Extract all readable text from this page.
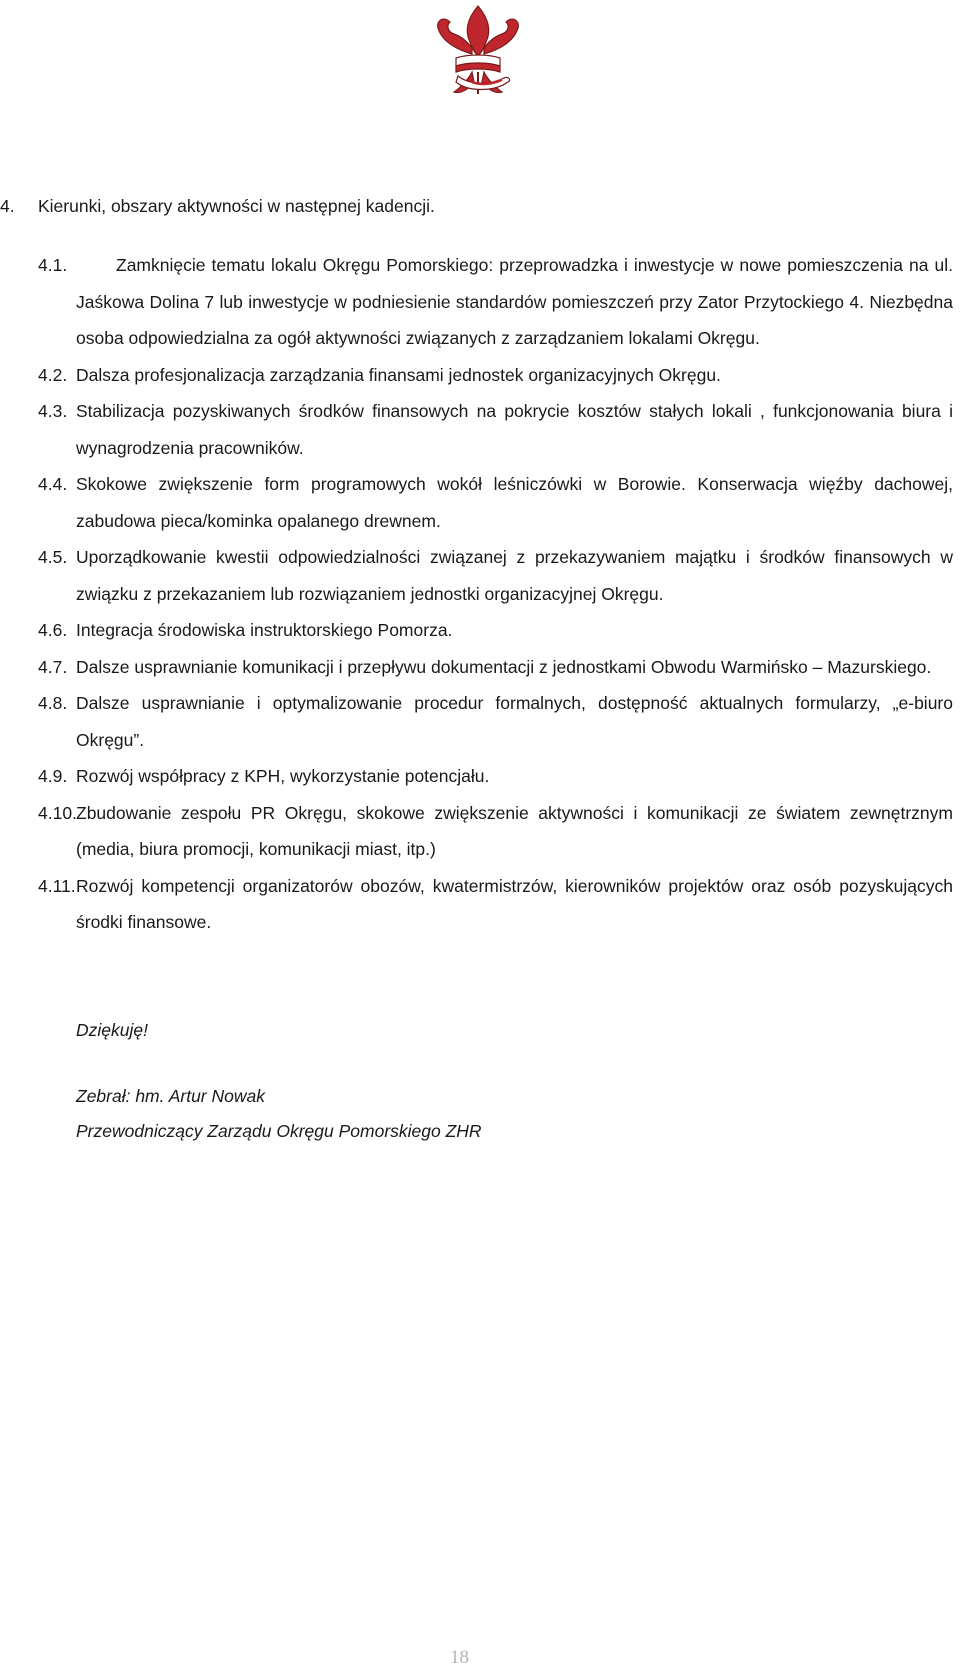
4. Kierunki, obszary aktywności w następnej kadencji.
4.1.	Zamknięcie tematu lokalu Okręgu Pomorskiego: przeprowadzka i inwestycje w nowe pomieszczenia na ul. Jaśkowa Dolina 7 lub inwestycje w podniesienie standardów pomieszczeń przy Zator Przytockiego 4. Niezbędna osoba odpowiedzialna za ogół aktywności związanych z zarządzaniem lokalami Okręgu.
4.2. Dalsza profesjonalizacja zarządzania finansami jednostek organizacyjnych Okręgu.
4.3. Stabilizacja pozyskiwanych środków finansowych na pokrycie kosztów stałych lokali , funkcjonowania biura i wynagrodzenia pracowników.
4.4. Skokowe zwiększenie form programowych wokół leśniczówki w Borowie. Konserwacja więźby dachowej, zabudowa pieca/kominka opalanego drewnem.
4.5. Uporządkowanie kwestii odpowiedzialności związanej z przekazywaniem majątku i środków finansowych w związku z przekazaniem lub rozwiązaniem jednostki organizacyjnej Okręgu.
4.6. Integracja środowiska instruktorskiego Pomorza.
4.7. Dalsze usprawnianie komunikacji i przepływu dokumentacji z jednostkami Obwodu Warmińsko – Mazurskiego.
4.8. Dalsze usprawnianie i optymalizowanie procedur formalnych, dostępność aktualnych formularzy, „e-biuro Okręgu”.
4.9. Rozwój współpracy z KPH, wykorzystanie potencjału.
4.10. Zbudowanie zespołu PR Okręgu, skokowe zwiększenie aktywności i komunikacji ze światem zewnętrznym (media, biura promocji, komunikacji miast, itp.)
4.11. Rozwój kompetencji organizatorów obozów, kwatermistrzów, kierowników projektów oraz osób pozyskujących środki finansowe.

Dziękuję!

Zebrał: hm. Artur Nowak

Przewodniczący Zarządu Okręgu Pomorskiego ZHR

18
